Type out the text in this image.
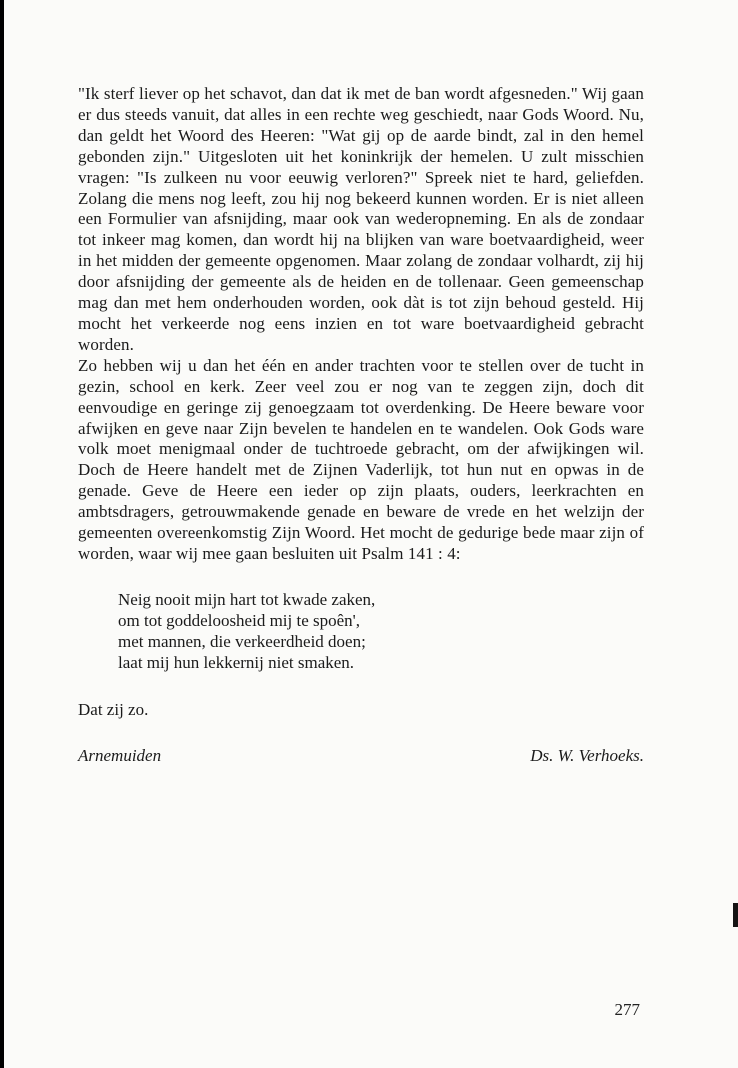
"Ik sterf liever op het schavot, dan dat ik met de ban wordt afgesneden." Wij gaan er dus steeds vanuit, dat alles in een rechte weg geschiedt, naar Gods Woord. Nu, dan geldt het Woord des Heeren: "Wat gij op de aarde bindt, zal in den hemel gebonden zijn." Uitgesloten uit het koninkrijk der hemelen. U zult misschien vragen: "Is zulkeen nu voor eeuwig verloren?" Spreek niet te hard, geliefden. Zolang die mens nog leeft, zou hij nog bekeerd kunnen worden. Er is niet alleen een Formulier van afsnijding, maar ook van wederopneming. En als de zondaar tot inkeer mag komen, dan wordt hij na blijken van ware boetvaardigheid, weer in het midden der gemeente opgenomen. Maar zolang de zondaar volhardt, zij hij door afsnijding der gemeente als de heiden en de tollenaar. Geen gemeenschap mag dan met hem onderhouden worden, ook dàt is tot zijn behoud gesteld. Hij mocht het verkeerde nog eens inzien en tot ware boetvaardigheid gebracht worden.

Zo hebben wij u dan het één en ander trachten voor te stellen over de tucht in gezin, school en kerk. Zeer veel zou er nog van te zeggen zijn, doch dit eenvoudige en geringe zij genoegzaam tot overdenking. De Heere beware voor afwijken en geve naar Zijn bevelen te handelen en te wandelen. Ook Gods ware volk moet menigmaal onder de tuchtroede gebracht, om der afwijkingen wil. Doch de Heere handelt met de Zijnen Vaderlijk, tot hun nut en opwas in de genade. Geve de Heere een ieder op zijn plaats, ouders, leerkrachten en ambtsdragers, getrouwmakende genade en beware de vrede en het welzijn der gemeenten overeenkomstig Zijn Woord. Het mocht de gedurige bede maar zijn of worden, waar wij mee gaan besluiten uit Psalm 141 : 4:

Neig nooit mijn hart tot kwade zaken,
om tot goddeloosheid mij te spoên',
met mannen, die verkeerdheid doen;
laat mij hun lekkernij niet smaken.
Dat zij zo.
Arnemuiden	Ds. W. Verhoeks.
277
